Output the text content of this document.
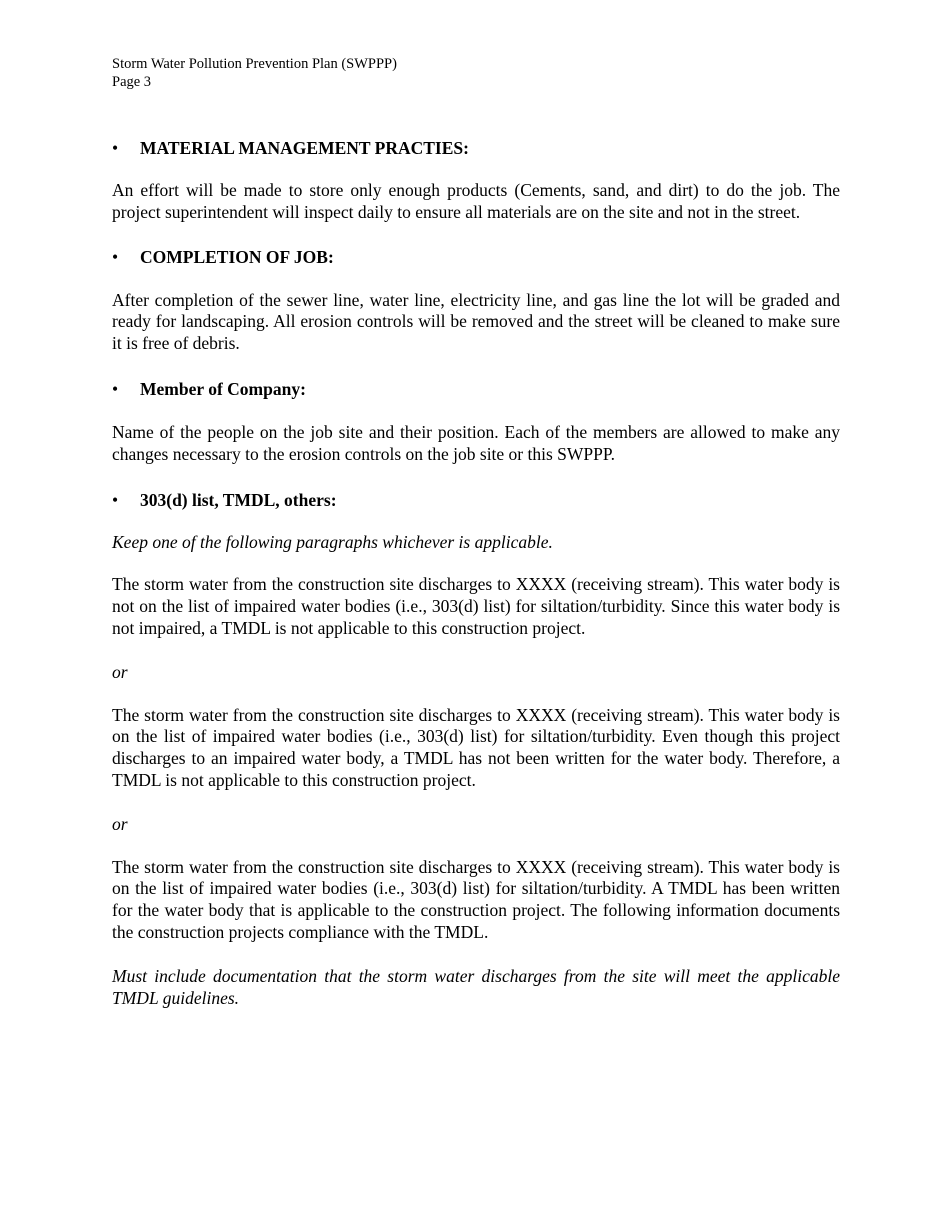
Storm Water Pollution Prevention Plan (SWPPP)

Page 3

• MATERIAL MANAGEMENT PRACTIES:

An effort will be made to store only enough products (Cements, sand, and dirt) to do the job. The project superintendent will inspect daily to ensure all materials are on the site and not in the street.

• COMPLETION OF JOB:

After completion of the sewer line, water line, electricity line, and gas line the lot will be graded and ready for landscaping. All erosion controls will be removed and the street will be cleaned to make sure it is free of debris.

• Member of Company:

Name of the people on the job site and their position. Each of the members are allowed to make any changes necessary to the erosion controls on the job site or this SWPPP.

• 303(d) list, TMDL, others:

Keep one of the following paragraphs whichever is applicable.

The storm water from the construction site discharges to XXXX (receiving stream). This water body is not on the list of impaired water bodies (i.e., 303(d) list) for siltation/turbidity. Since this water body is not impaired, a TMDL is not applicable to this construction project.

or

The storm water from the construction site discharges to XXXX (receiving stream). This water body is on the list of impaired water bodies (i.e., 303(d) list) for siltation/turbidity. Even though this project discharges to an impaired water body, a TMDL has not been written for the water body. Therefore, a TMDL is not applicable to this construction project.

or

The storm water from the construction site discharges to XXXX (receiving stream). This water body is on the list of impaired water bodies (i.e., 303(d) list) for siltation/turbidity. A TMDL has been written for the water body that is applicable to the construction project. The following information documents the construction projects compliance with the TMDL.

Must include documentation that the storm water discharges from the site will meet the applicable TMDL guidelines.
